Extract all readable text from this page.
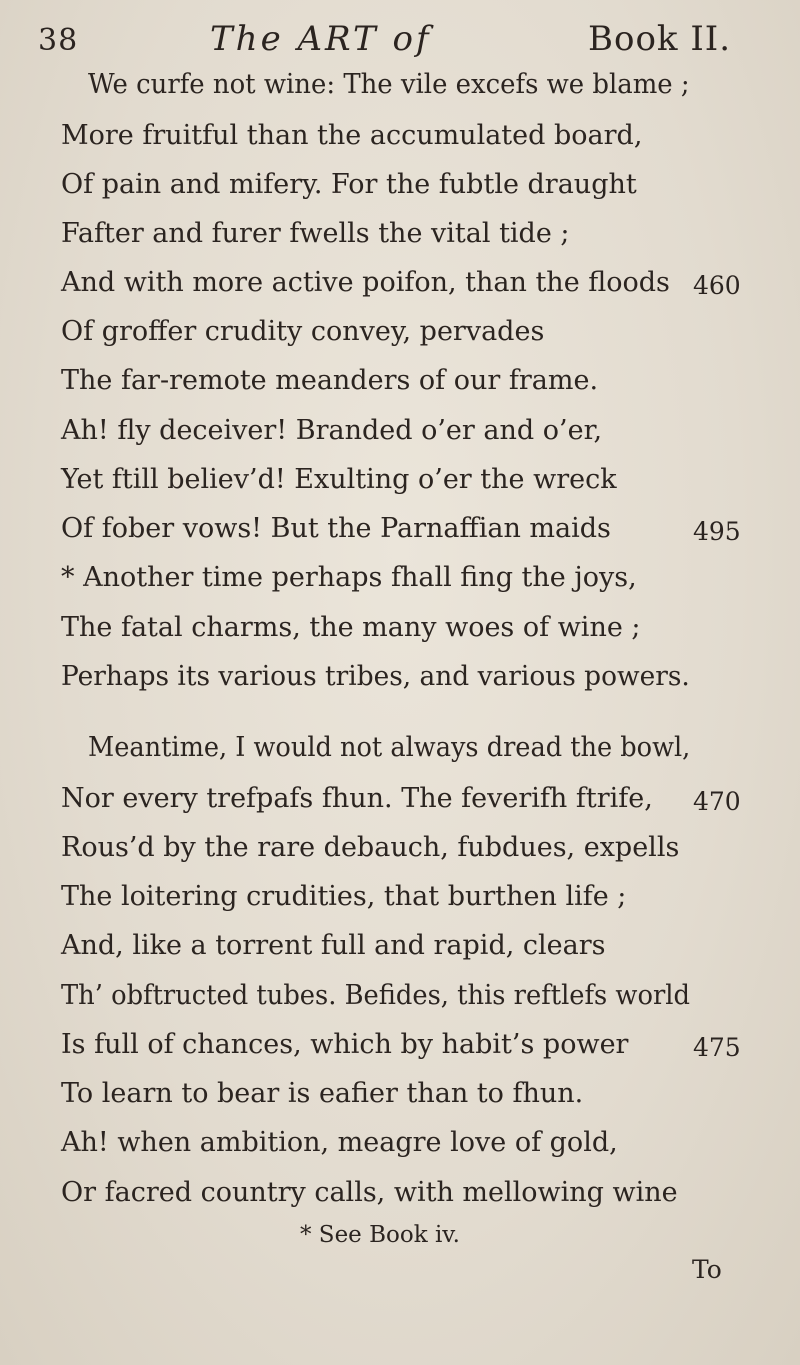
38	The ART of	Book II.
We curfe not wine: The vile excefs we blame ;
More fruitful than the accumulated board,
Of pain and mifery. For the fubtle draught
Fafter and furer fwells the vital tide ;
And with more active poifon, than the floods
Of groffer crudity convey, pervades
The far-remote meanders of our frame.
Ah! fly deceiver! Branded o’er and o’er,
Yet ftill believ’d! Exulting o’er the wreck
Of fober vows! But the Parnaffian maids
* Another time perhaps fhall fing the joys,
The fatal charms, the many woes of wine ;
Perhaps its various tribes, and various powers.
Meantime, I would not always dread the bowl,
Nor every trefpafs fhun. The feverifh ftrife,
Rous’d by the rare debauch, fubdues, expells
The loitering crudities, that burthen life ;
And, like a torrent full and rapid, clears
Th’ obftructed tubes. Befides, this reftlefs world
Is full of chances, which by habit’s power
To learn to bear is eafier than to fhun.
Ah! when ambition, meagre love of gold,
Or facred country calls, with mellowing wine
460
495
470
475
* See Book iv.
To
